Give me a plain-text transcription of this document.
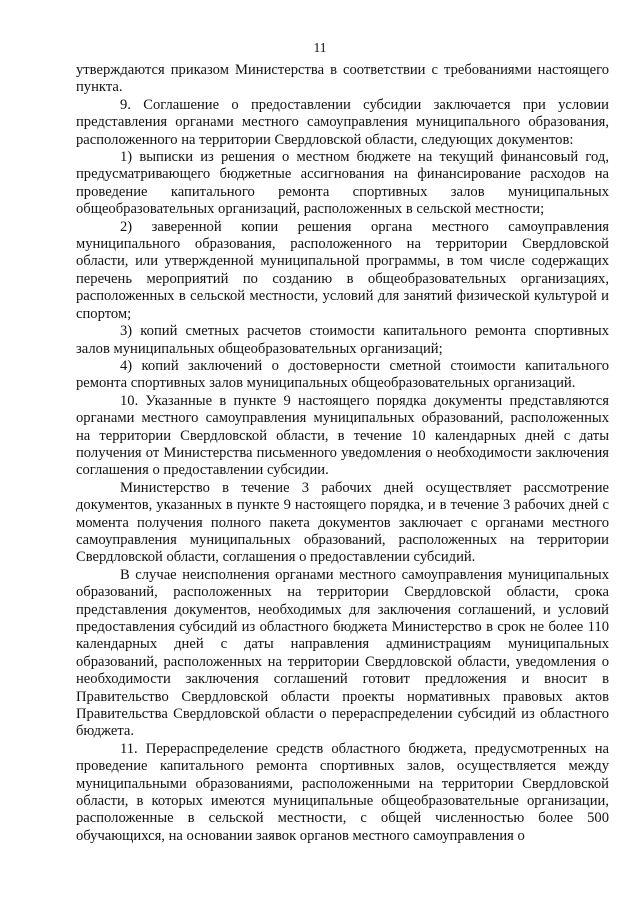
11

утверждаются приказом Министерства в соответствии с требованиями настоящего пункта.

9. Соглашение о предоставлении субсидии заключается при условии представления органами местного самоуправления муниципального образования, расположенного на территории Свердловской области, следующих документов:

1) выписки из решения о местном бюджете на текущий финансовый год, предусматривающего бюджетные ассигнования на финансирование расходов на проведение капитального ремонта спортивных залов муниципальных общеобразовательных организаций, расположенных в сельской местности;

2) заверенной копии решения органа местного самоуправления муниципального образования, расположенного на территории Свердловской области, или утвержденной муниципальной программы, в том числе содержащих перечень мероприятий по созданию в общеобразовательных организациях, расположенных в сельской местности, условий для занятий физической культурой и спортом;

3) копий сметных расчетов стоимости капитального ремонта спортивных залов муниципальных общеобразовательных организаций;

4) копий заключений о достоверности сметной стоимости капитального ремонта спортивных залов муниципальных общеобразовательных организаций.

10. Указанные в пункте 9 настоящего порядка документы представляются органами местного самоуправления муниципальных образований, расположенных на территории Свердловской области, в течение 10 календарных дней с даты получения от Министерства письменного уведомления о необходимости заключения соглашения о предоставлении субсидии.

Министерство в течение 3 рабочих дней осуществляет рассмотрение документов, указанных в пункте 9 настоящего порядка, и в течение 3 рабочих дней с момента получения полного пакета документов заключает с органами местного самоуправления муниципальных образований, расположенных на территории Свердловской области, соглашения о предоставлении субсидий.

В случае неисполнения органами местного самоуправления муниципальных образований, расположенных на территории Свердловской области, срока представления документов, необходимых для заключения соглашений, и условий предоставления субсидий из областного бюджета Министерство в срок не более 110 календарных дней с даты направления администрациям муниципальных образований, расположенных на территории Свердловской области, уведомления о необходимости заключения соглашений готовит предложения и вносит в Правительство Свердловской области проекты нормативных правовых актов Правительства Свердловской области о перераспределении субсидий из областного бюджета.

11. Перераспределение средств областного бюджета, предусмотренных на проведение капитального ремонта спортивных залов, осуществляется между муниципальными образованиями, расположенными на территории Свердловской области, в которых имеются муниципальные общеобразовательные организации, расположенные в сельской местности, с общей численностью более 500 обучающихся, на основании заявок органов местного самоуправления о
